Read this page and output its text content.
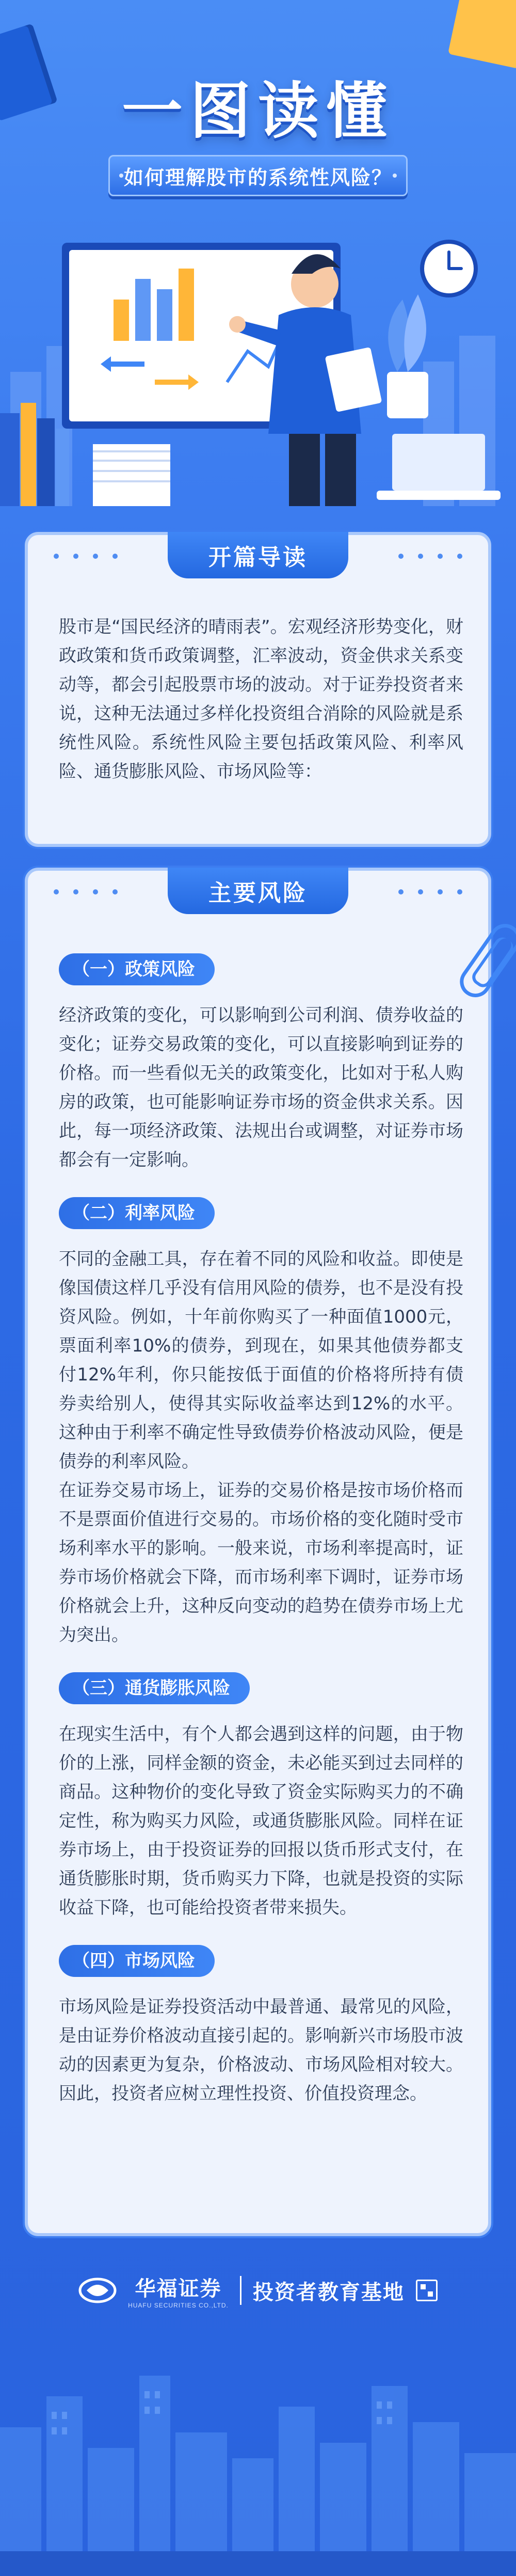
一图读懂
如何理解股市的系统性风险？
开篇导读

股市是“国民经济的晴雨表”。宏观经济形势变化，财政政策和货币政策调整，汇率波动，资金供求关系变动等，都会引起股票市场的波动。对于证券投资者来说，这种无法通过多样化投资组合消除的风险就是系统性风险。系统性风险主要包括政策风险、利率风险、通货膨胀风险、市场风险等：

主要风险
（一）政策风险

经济政策的变化，可以影响到公司利润、债券收益的变化；证券交易政策的变化，可以直接影响到证券的价格。而一些看似无关的政策变化，比如对于私人购房的政策，也可能影响证券市场的资金供求关系。因此，每一项经济政策、法规出台或调整，对证券市场都会有一定影响。

（二）利率风险

不同的金融工具，存在着不同的风险和收益。即使是像国债这样几乎没有信用风险的债券，也不是没有投资风险。例如，十年前你购买了一种面值1000元，票面利率10%的债券，到现在，如果其他债券都支付12%年利，你只能按低于面值的价格将所持有债券卖给别人，使得其实际收益率达到12%的水平。这种由于利率不确定性导致债券价格波动风险，便是债券的利率风险。

在证券交易市场上，证券的交易价格是按市场价格而不是票面价值进行交易的。市场价格的变化随时受市场利率水平的影响。一般来说，市场利率提高时，证券市场价格就会下降，而市场利率下调时，证券市场价格就会上升，这种反向变动的趋势在债券市场上尤为突出。

（三）通货膨胀风险

在现实生活中，有个人都会遇到这样的问题，由于物价的上涨，同样金额的资金，未必能买到过去同样的商品。这种物价的变化导致了资金实际购买力的不确定性，称为购买力风险，或通货膨胀风险。同样在证券市场上，由于投资证券的回报以货币形式支付，在通货膨胀时期，货币购买力下降，也就是投资的实际收益下降，也可能给投资者带来损失。

（四）市场风险

市场风险是证券投资活动中最普通、最常见的风险，是由证券价格波动直接引起的。影响新兴市场股市波动的因素更为复杂，价格波动、市场风险相对较大。因此，投资者应树立理性投资、价值投资理念。

华福证券
HUAFU SECURITIES CO.,LTD.
投资者教育基地
